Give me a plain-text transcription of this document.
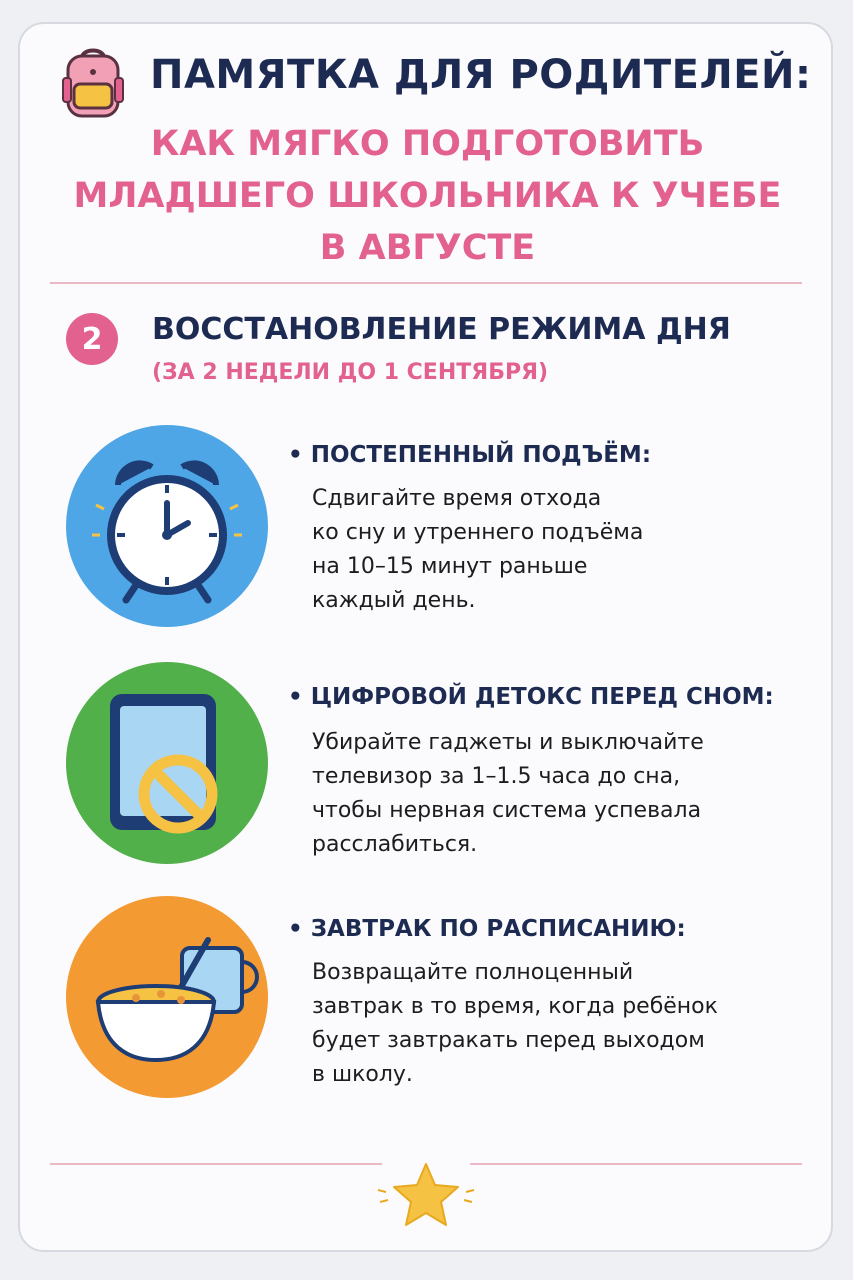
ПАМЯТКА ДЛЯ РОДИТЕЛЕЙ:
КАК МЯГКО ПОДГОТОВИТЬ
МЛАДШЕГО ШКОЛЬНИКА К УЧЕБЕ
В АВГУСТЕ
2	ВОССТАНОВЛЕНИЕ РЕЖИМА ДНЯ
(ЗА 2 НЕДЕЛИ ДО 1 СЕНТЯБРЯ)
• ПОСТЕПЕННЫЙ ПОДЪЁМ:
Сдвигайте время отхода
ко сну и утреннего подъёма
на 10–15 минут раньше
каждый день.
• ЦИФРОВОЙ ДЕТОКС ПЕРЕД СНОМ:
Убирайте гаджеты и выключайте
телевизор за 1–1.5 часа до сна,
чтобы нервная система успевала
расслабиться.
• ЗАВТРАК ПО РАСПИСАНИЮ:
Возвращайте полноценный
завтрак в то время, когда ребёнок
будет завтракать перед выходом
в школу.
